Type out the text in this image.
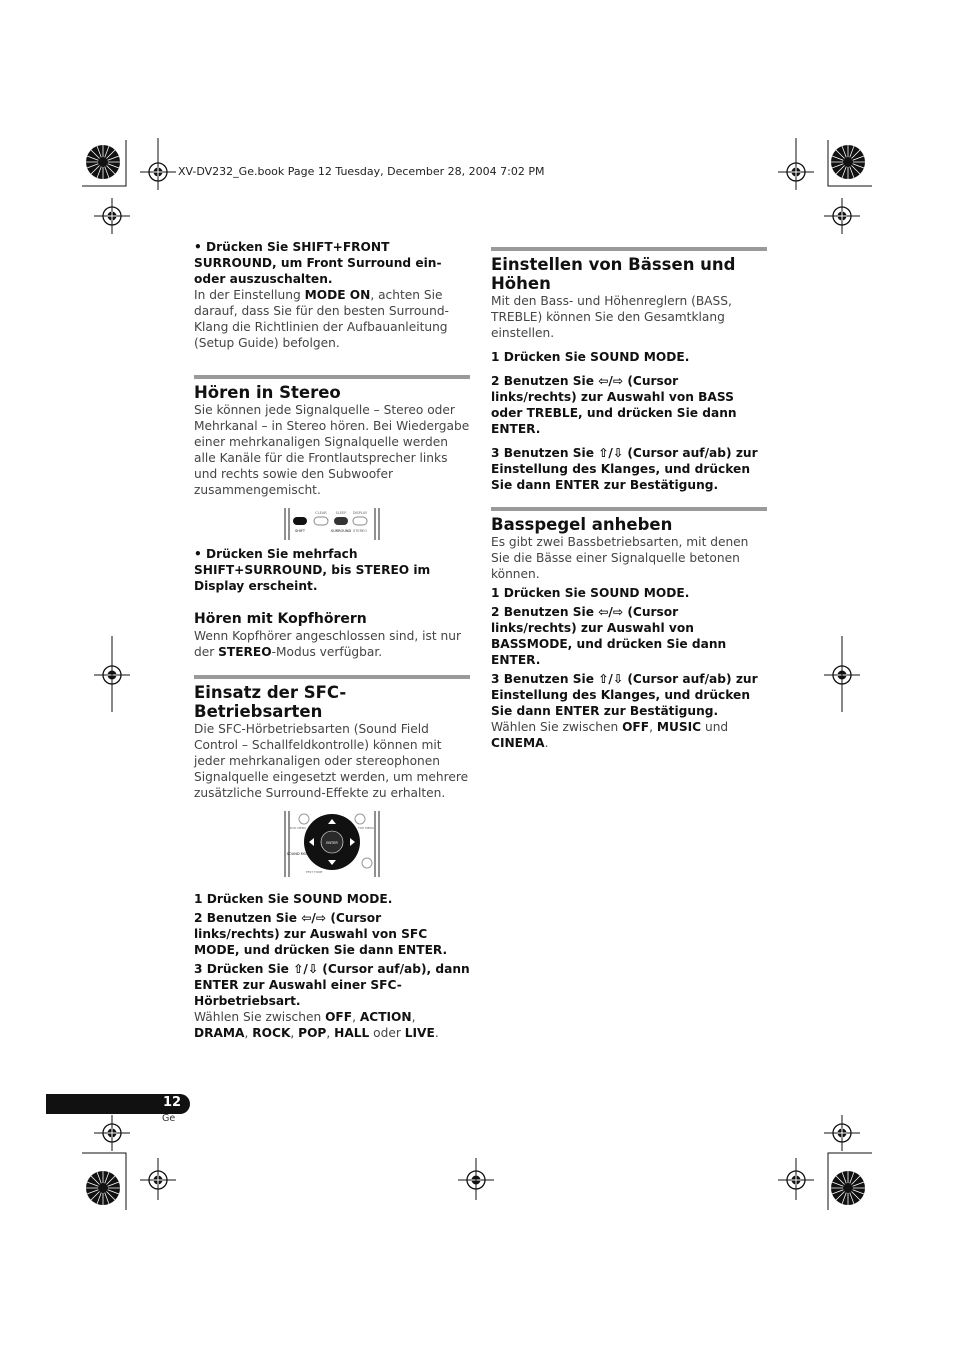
XV-DV232_Ge.book Page 12 Tuesday, December 28, 2004 7:02 PM

• Drücken Sie SHIFT+FRONT SURROUND, um Front Surround ein- oder auszuschalten.

In der Einstellung MODE ON, achten Sie darauf, dass Sie für den besten Surround-Klang die Richtlinien der Aufbauanleitung (Setup Guide) befolgen.

Hören in Stereo

Sie können jede Signalquelle – Stereo oder Mehrkanal – in Stereo hören. Bei Wiedergabe einer mehrkanaligen Signalquelle werden alle Kanäle für die Frontlautsprecher links und rechts sowie den Subwoofer zusammengemischt.

CLEAR	SLEEP DISPLAY
SHIFT	SURROUND STEREO

• Drücken Sie mehrfach SHIFT+SURROUND, bis STEREO im Display erscheint.

Hören mit Kopfhörern

Wenn Kopfhörer angeschlossen sind, ist nur der STEREO-Modus verfügbar.

Einsatz der SFC-Betriebsarten

Die SFC-Hörbetriebsarten (Sound Field Control – Schallfeldkontrolle) können mit jeder mehrkanaligen oder stereophonen Signalquelle eingesetzt werden, um mehrere zusätzliche Surround-Effekte zu erhalten.

ENTER
SOUND MODE
DVD MENU	TOP MENU
TEST TONE

1 Drücken Sie SOUND MODE.

2 Benutzen Sie ⇦/⇨ (Cursor links/rechts) zur Auswahl von SFC MODE, und drücken Sie dann ENTER.

3 Drücken Sie ⇧/⇩ (Cursor auf/ab), dann ENTER zur Auswahl einer SFC-Hörbetriebsart.

Wählen Sie zwischen OFF, ACTION, DRAMA, ROCK, POP, HALL oder LIVE.

Einstellen von Bässen und Höhen

Mit den Bass- und Höhenreglern (BASS, TREBLE) können Sie den Gesamtklang einstellen.

1 Drücken Sie SOUND MODE.

2 Benutzen Sie ⇦/⇨ (Cursor links/rechts) zur Auswahl von BASS oder TREBLE, und drücken Sie dann ENTER.

3 Benutzen Sie ⇧/⇩ (Cursor auf/ab) zur Einstellung des Klanges, und drücken Sie dann ENTER zur Bestätigung.

Basspegel anheben

Es gibt zwei Bassbetriebsarten, mit denen Sie die Bässe einer Signalquelle betonen können.

1 Drücken Sie SOUND MODE.

2 Benutzen Sie ⇦/⇨ (Cursor links/rechts) zur Auswahl von BASSMODE, und drücken Sie dann ENTER.

3 Benutzen Sie ⇧/⇩ (Cursor auf/ab) zur Einstellung des Klanges, und drücken Sie dann ENTER zur Bestätigung.

Wählen Sie zwischen OFF, MUSIC und CINEMA.

12
Ge
